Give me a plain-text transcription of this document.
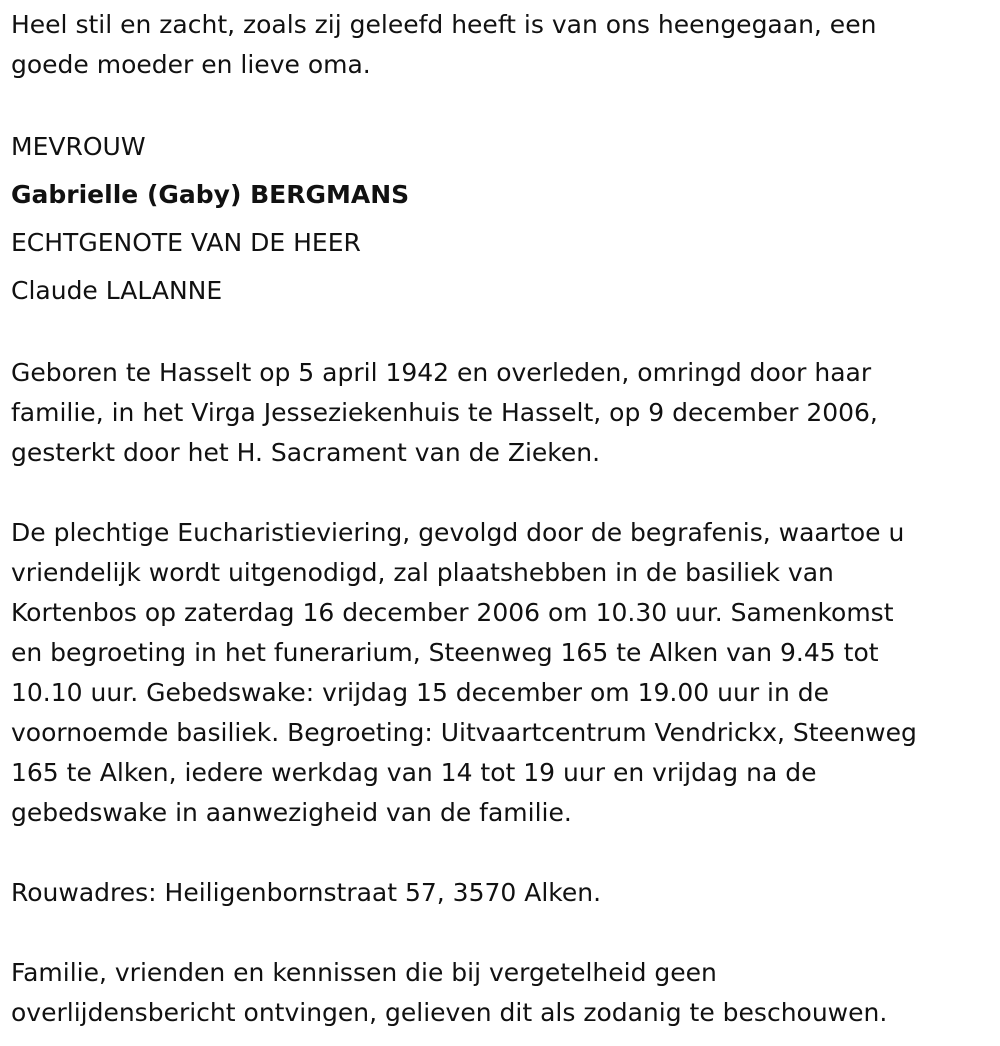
Heel stil en zacht, zoals zij geleefd heeft is van ons heengegaan, een
goede moeder en lieve oma.
MEVROUW
Gabrielle (Gaby) BERGMANS
ECHTGENOTE VAN DE HEER
Claude LALANNE
Geboren te Hasselt op 5 april 1942 en overleden, omringd door haar
familie, in het Virga Jesseziekenhuis te Hasselt, op 9 december 2006,
gesterkt door het H. Sacrament van de Zieken.
De plechtige Eucharistieviering, gevolgd door de begrafenis, waartoe u
vriendelijk wordt uitgenodigd, zal plaatshebben in de basiliek van
Kortenbos op zaterdag 16 december 2006 om 10.30 uur. Samenkomst
en begroeting in het funerarium, Steenweg 165 te Alken van 9.45 tot
10.10 uur. Gebedswake: vrijdag 15 december om 19.00 uur in de
voornoemde basiliek. Begroeting: Uitvaartcentrum Vendrickx, Steenweg
165 te Alken, iedere werkdag van 14 tot 19 uur en vrijdag na de
gebedswake in aanwezigheid van de familie.
Rouwadres: Heiligenbornstraat 57, 3570 Alken.
Familie, vrienden en kennissen die bij vergetelheid geen
overlijdensbericht ontvingen, gelieven dit als zodanig te beschouwen.
